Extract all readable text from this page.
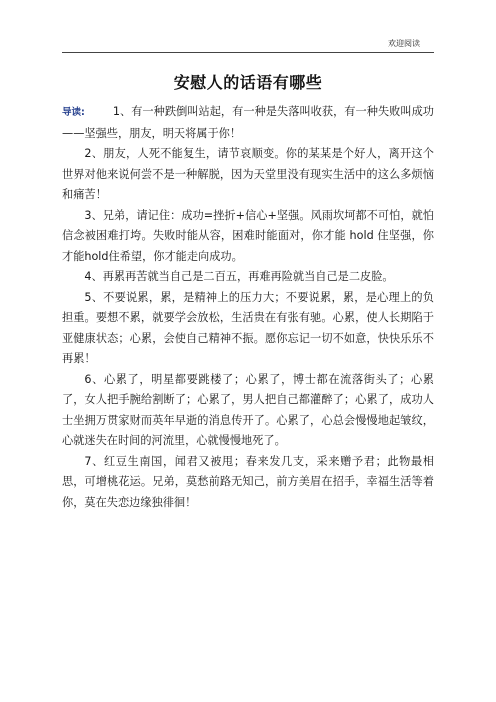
欢迎阅读
安慰人的话语有哪些

导读:	1、有一种跌倒叫站起，有一种是失落叫收获，有一种失败叫成功——坚强些，朋友，明天将属于你！

2、朋友，人死不能复生，请节哀顺变。你的某某是个好人，离开这个世界对他来说何尝不是一种解脱，因为天堂里没有现实生活中的这么多烦恼和痛苦！

3、兄弟，请记住：成功=挫折+信心+坚强。风雨坎坷都不可怕，就怕信念被困难打垮。失败时能从容，困难时能面对，你才能 hold 住坚强，你才能hold住希望，你才能走向成功。

4、再累再苦就当自己是二百五，再难再险就当自己是二皮脸。

5、不要说累，累，是精神上的压力大；不要说累，累，是心理上的负担重。要想不累，就要学会放松，生活贵在有张有驰。心累，使人长期陷于亚健康状态；心累，会使自己精神不振。愿你忘记一切不如意，快快乐乐不再累！

6、心累了，明星都要跳楼了；心累了，博士都在流落街头了；心累了，女人把手腕给割断了；心累了，男人把自己都灌醉了；心累了，成功人士坐拥万贯家财而英年早逝的消息传开了。心累了，心总会慢慢地起皱纹，心就迷失在时间的河流里，心就慢慢地死了。

7、红豆生南国，闻君又被甩；春来发几支，采来赠予君；此物最相思，可增桃花运。兄弟，莫愁前路无知己，前方美眉在招手，幸福生活等着你，莫在失恋边缘独徘徊！
